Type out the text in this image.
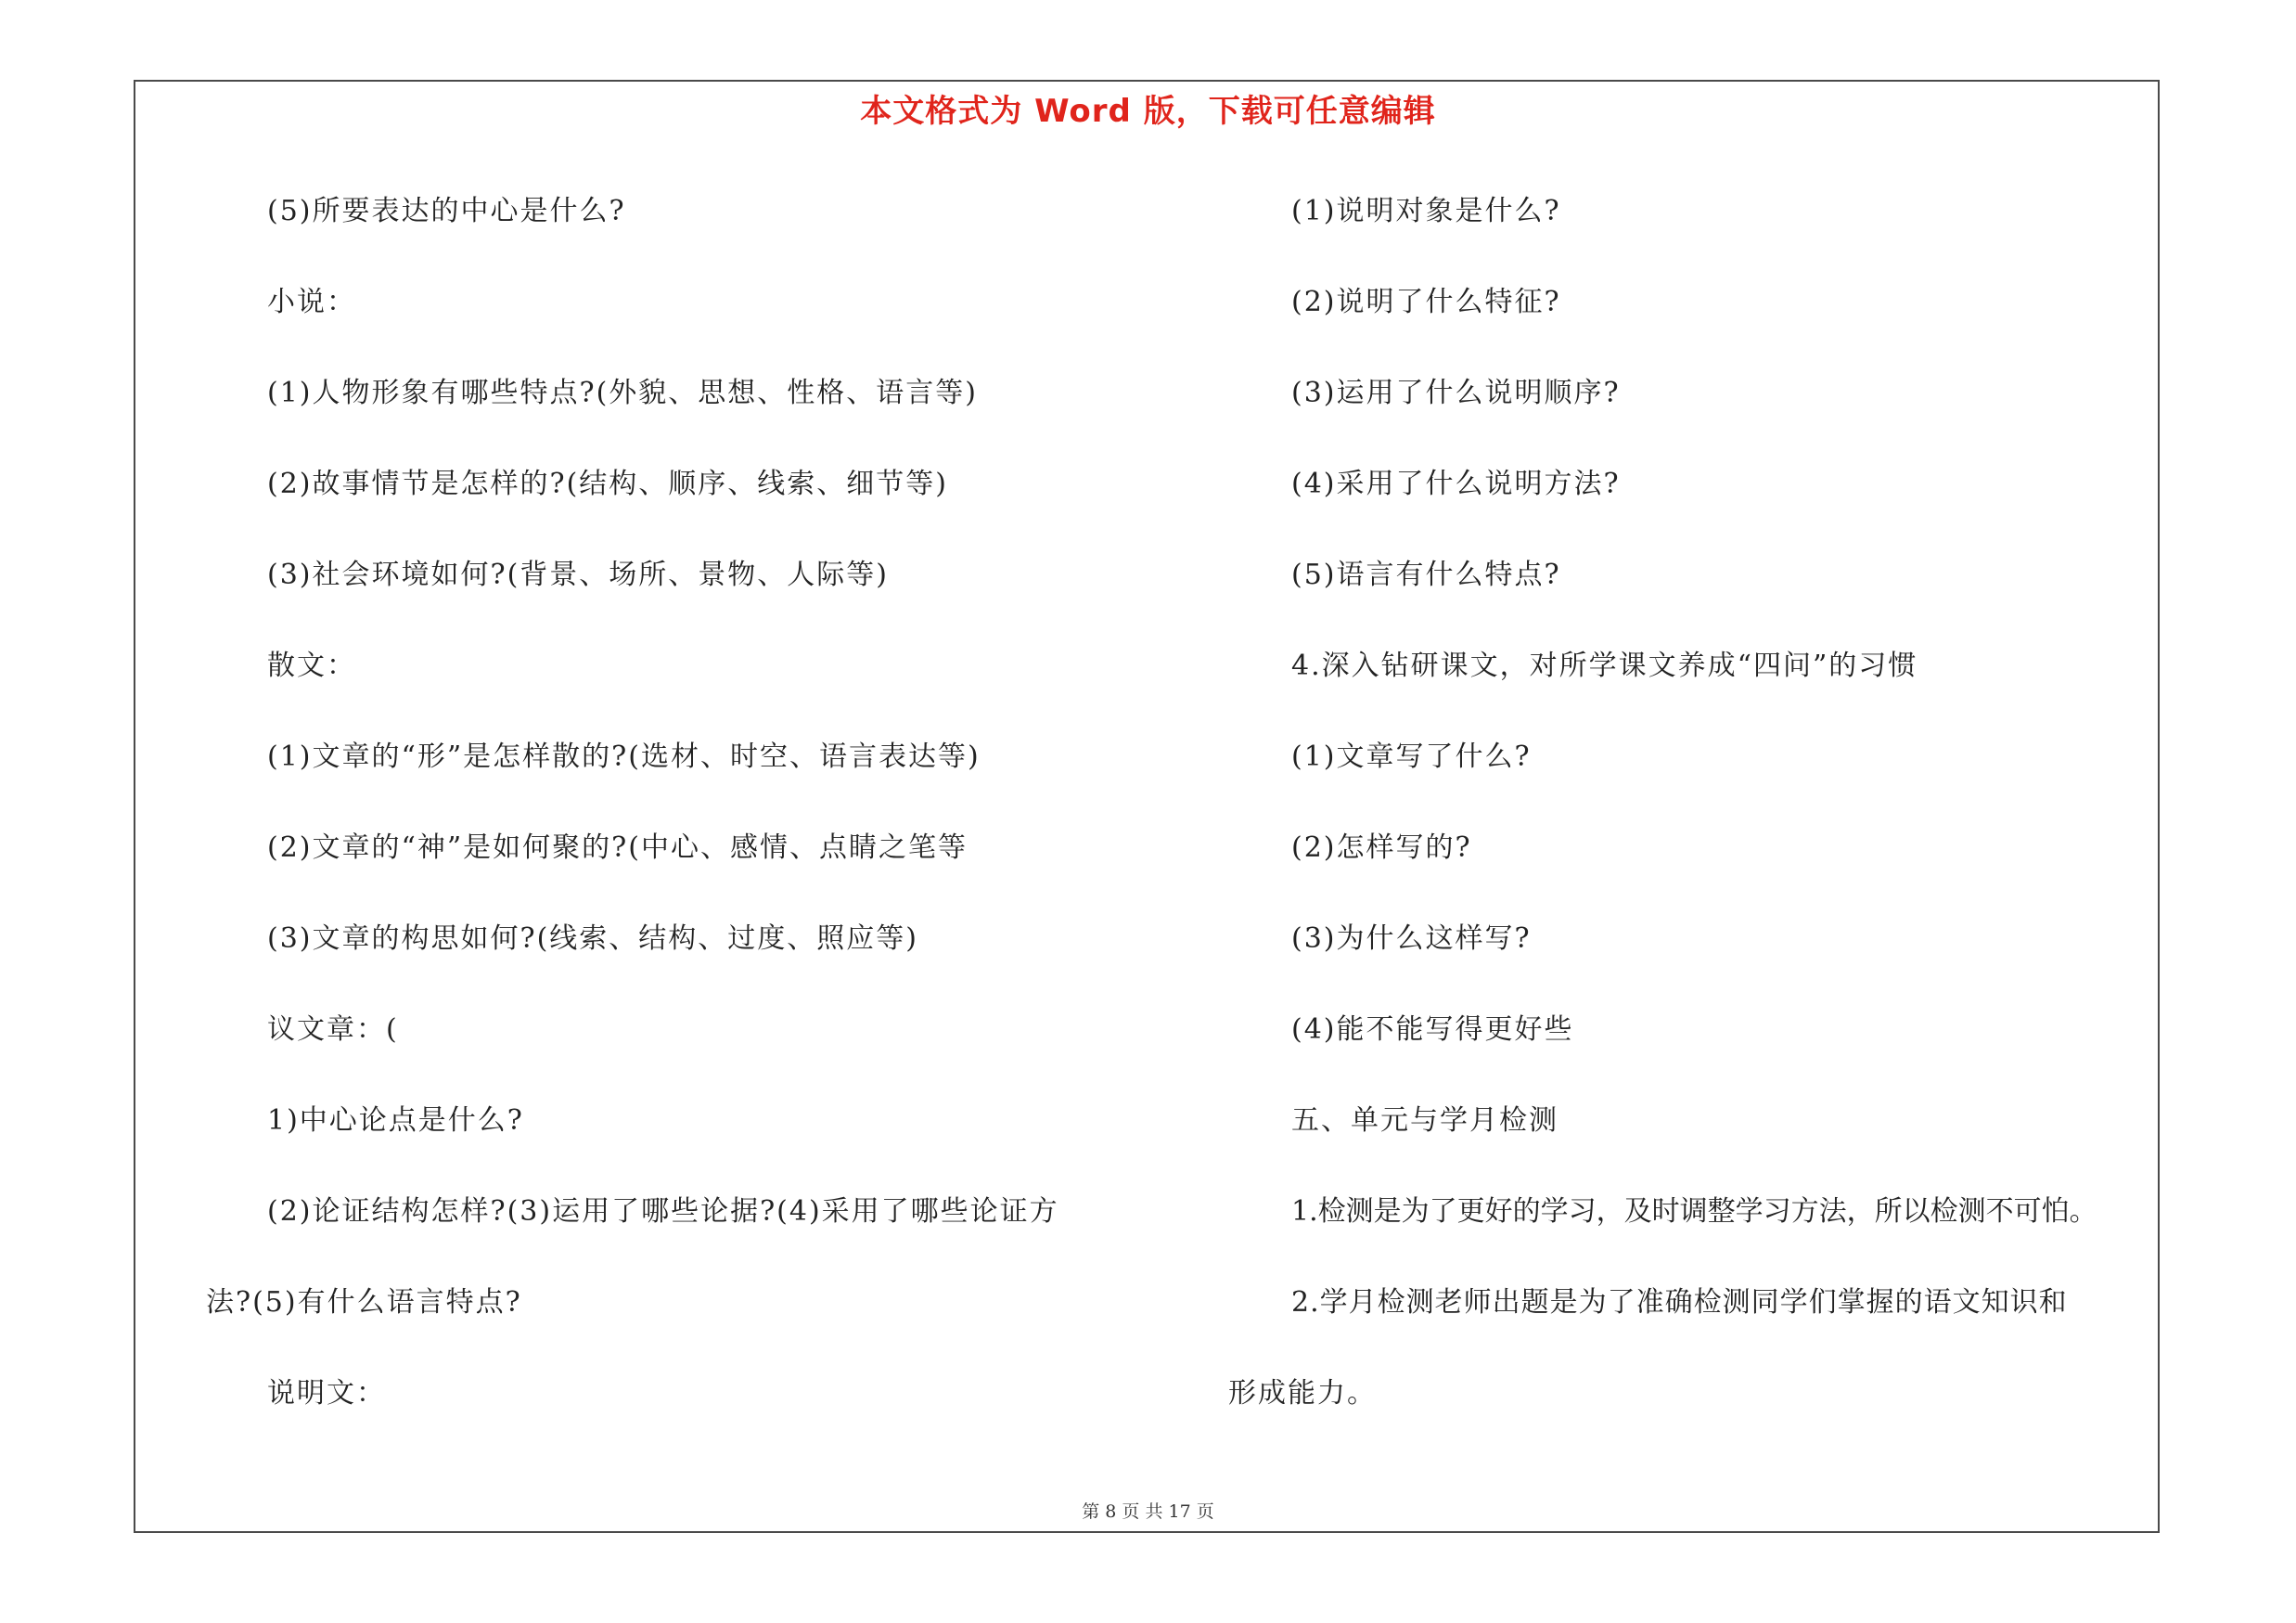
本文格式为 Word 版，下载可任意编辑
(5)所要表达的中心是什么?
小说：
(1)人物形象有哪些特点?(外貌、思想、性格、语言等)
(2)故事情节是怎样的?(结构、顺序、线索、细节等)
(3)社会环境如何?(背景、场所、景物、人际等)
散文：
(1)文章的“形”是怎样散的?(选材、时空、语言表达等)
(2)文章的“神”是如何聚的?(中心、感情、点睛之笔等
(3)文章的构思如何?(线索、结构、过度、照应等)
议文章：(
1)中心论点是什么?
(2)论证结构怎样?(3)运用了哪些论据?(4)采用了哪些论证方
法?(5)有什么语言特点?
说明文：
(1)说明对象是什么?
(2)说明了什么特征?
(3)运用了什么说明顺序?
(4)采用了什么说明方法?
(5)语言有什么特点?
4.深入钻研课文，对所学课文养成“四问”的习惯
(1)文章写了什么?
(2)怎样写的?
(3)为什么这样写?
(4)能不能写得更好些
五、单元与学月检测
1.检测是为了更好的学习，及时调整学习方法，所以检测不可怕。
2.学月检测老师出题是为了准确检测同学们掌握的语文知识和
形成能力。
第 8 页 共 17 页
